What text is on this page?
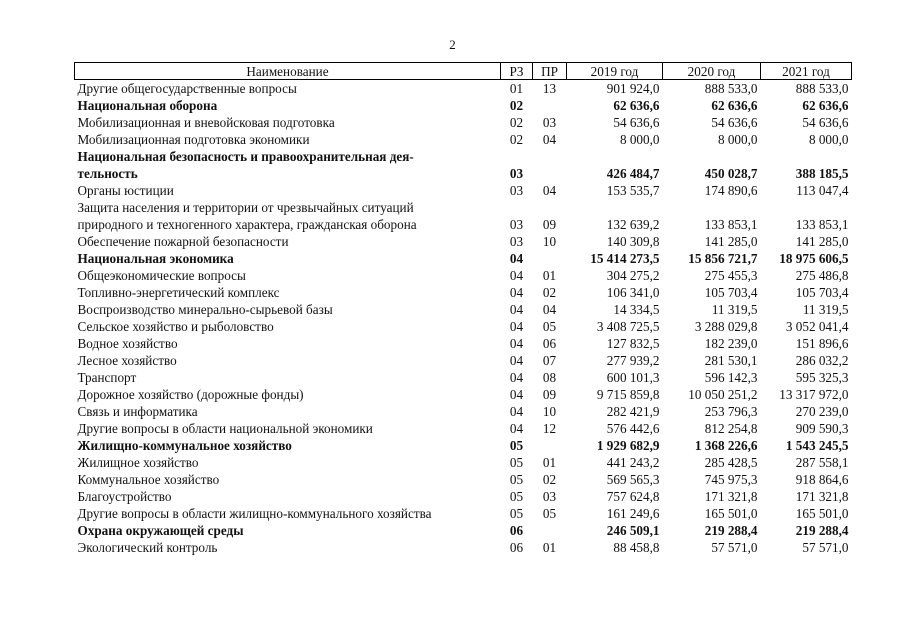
2
Наименование	РЗ	ПР	2019 год	2020 год	2021 год

Другие общегосударственные вопросы	01	13	901 924,0	888 533,0	888 533,0

Национальная оборона	02		62 636,6	62 636,6	62 636,6

Мобилизационная и вневойсковая подготовка	02	03	54 636,6	54 636,6	54 636,6

Мобилизационная подготовка экономики	02	04	8 000,0	8 000,0	8 000,0

Национальная безопасность и правоохранительная дея-
тельность	03		426 484,7	450 028,7	388 185,5

Органы юстиции	03	04	153 535,7	174 890,6	113 047,4

Защита населения и территории от чрезвычайных ситуаций
природного и техногенного характера, гражданская оборона	03	09	132 639,2	133 853,1	133 853,1

Обеспечение пожарной безопасности	03	10	140 309,8	141 285,0	141 285,0

Национальная экономика	04		15 414 273,5	15 856 721,7	18 975 606,5

Общеэкономические вопросы	04	01	304 275,2	275 455,3	275 486,8

Топливно-энергетический комплекс	04	02	106 341,0	105 703,4	105 703,4

Воспроизводство минерально-сырьевой базы	04	04	14 334,5	11 319,5	11 319,5

Сельское хозяйство и рыболовство	04	05	3 408 725,5	3 288 029,8	3 052 041,4

Водное хозяйство	04	06	127 832,5	182 239,0	151 896,6

Лесное хозяйство	04	07	277 939,2	281 530,1	286 032,2

Транспорт	04	08	600 101,3	596 142,3	595 325,3

Дорожное хозяйство (дорожные фонды)	04	09	9 715 859,8	10 050 251,2	13 317 972,0

Связь и информатика	04	10	282 421,9	253 796,3	270 239,0

Другие вопросы в области национальной экономики	04	12	576 442,6	812 254,8	909 590,3

Жилищно-коммунальное хозяйство	05		1 929 682,9	1 368 226,6	1 543 245,5

Жилищное хозяйство	05	01	441 243,2	285 428,5	287 558,1

Коммунальное хозяйство	05	02	569 565,3	745 975,3	918 864,6

Благоустройство	05	03	757 624,8	171 321,8	171 321,8

Другие вопросы в области жилищно-коммунального хозяйства	05	05	161 249,6	165 501,0	165 501,0

Охрана окружающей среды	06		246 509,1	219 288,4	219 288,4

Экологический контроль	06	01	88 458,8	57 571,0	57 571,0
